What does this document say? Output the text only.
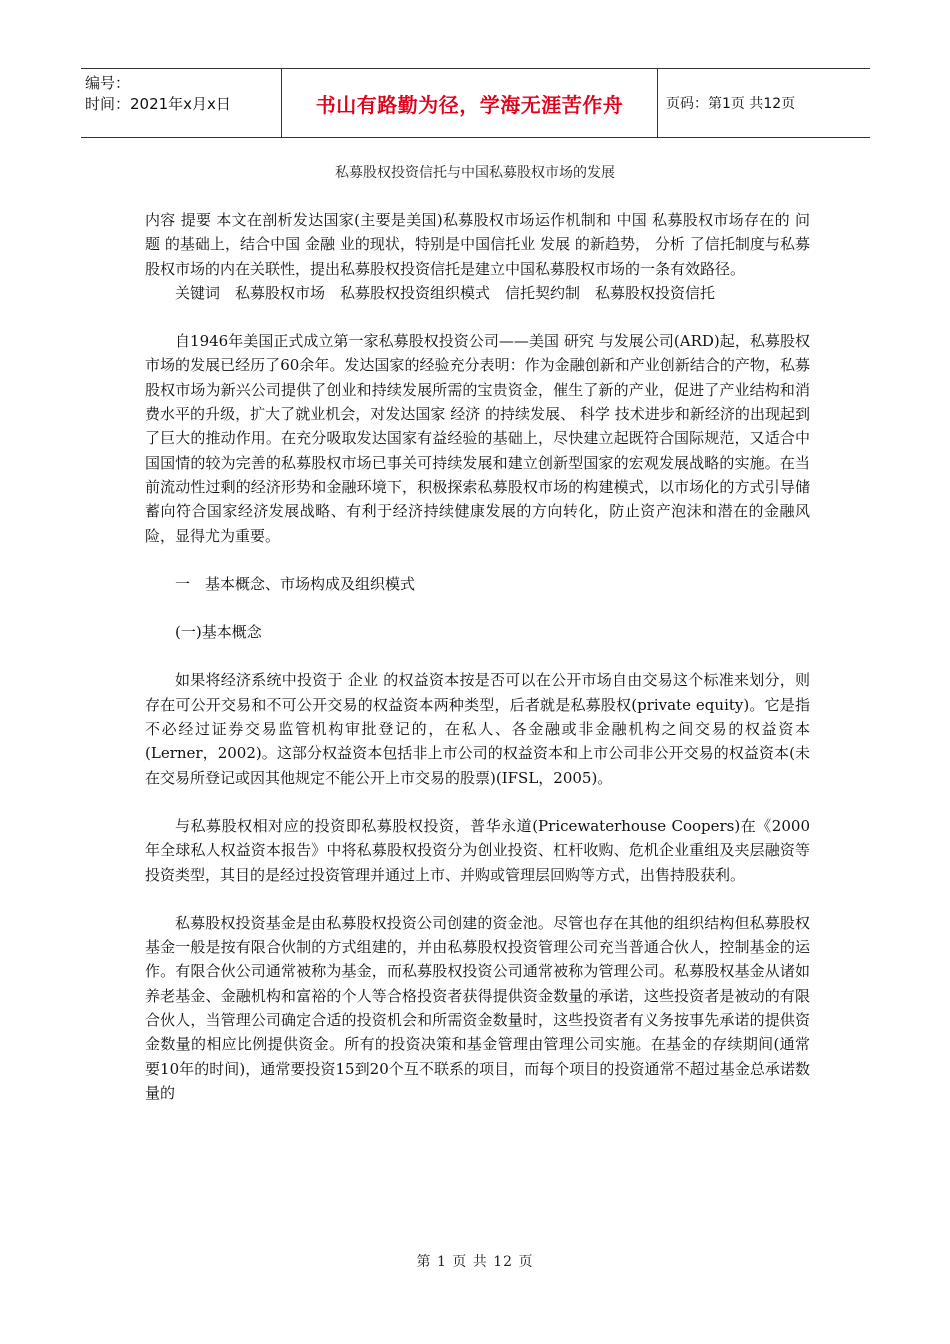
编号：
时间：2021年x月x日	书山有路勤为径，学海无涯苦作舟	页码：第1页 共12页
私募股权投资信托与中国私募股权市场的发展

内容 提要 本文在剖析发达国家(主要是美国)私募股权市场运作机制和 中国 私募股权市场存在的 问题 的基础上，结合中国 金融 业的现状，特别是中国信托业 发展 的新趋势， 分析 了信托制度与私募股权市场的内在关联性，提出私募股权投资信托是建立中国私募股权市场的一条有效路径。

关键词　私募股权市场　私募股权投资组织模式　信托契约制　私募股权投资信托

自1946年美国正式成立第一家私募股权投资公司——美国 研究 与发展公司(ARD)起，私募股权市场的发展已经历了60余年。发达国家的经验充分表明：作为金融创新和产业创新结合的产物，私募股权市场为新兴公司提供了创业和持续发展所需的宝贵资金，催生了新的产业，促进了产业结构和消费水平的升级，扩大了就业机会，对发达国家 经济 的持续发展、 科学 技术进步和新经济的出现起到了巨大的推动作用。在充分吸取发达国家有益经验的基础上，尽快建立起既符合国际规范，又适合中国国情的较为完善的私募股权市场已事关可持续发展和建立创新型国家的宏观发展战略的实施。在当前流动性过剩的经济形势和金融环境下，积极探索私募股权市场的构建模式，以市场化的方式引导储蓄向符合国家经济发展战略、有利于经济持续健康发展的方向转化，防止资产泡沫和潜在的金融风险，显得尤为重要。

一　基本概念、市场构成及组织模式

(一)基本概念

如果将经济系统中投资于 企业 的权益资本按是否可以在公开市场自由交易这个标准来划分，则存在可公开交易和不可公开交易的权益资本两种类型，后者就是私募股权(private equity)。它是指不必经过证券交易监管机构审批登记的，在私人、各金融或非金融机构之间交易的权益资本(Lerner，2002)。这部分权益资本包括非上市公司的权益资本和上市公司非公开交易的权益资本(未在交易所登记或因其他规定不能公开上市交易的股票)(IFSL，2005)。

与私募股权相对应的投资即私募股权投资，普华永道(Pricewaterhouse Coopers)在《2000年全球私人权益资本报告》中将私募股权投资分为创业投资、杠杆收购、危机企业重组及夹层融资等投资类型，其目的是经过投资管理并通过上市、并购或管理层回购等方式，出售持股获利。

私募股权投资基金是由私募股权投资公司创建的资金池。尽管也存在其他的组织结构但私募股权基金一般是按有限合伙制的方式组建的，并由私募股权投资管理公司充当普通合伙人，控制基金的运作。有限合伙公司通常被称为基金，而私募股权投资公司通常被称为管理公司。私募股权基金从诸如养老基金、金融机构和富裕的个人等合格投资者获得提供资金数量的承诺，这些投资者是被动的有限合伙人，当管理公司确定合适的投资机会和所需资金数量时，这些投资者有义务按事先承诺的提供资金数量的相应比例提供资金。所有的投资决策和基金管理由管理公司实施。在基金的存续期间(通常要10年的时间)，通常要投资15到20个互不联系的项目，而每个项目的投资通常不超过基金总承诺数量的

第 1 页 共 12 页
